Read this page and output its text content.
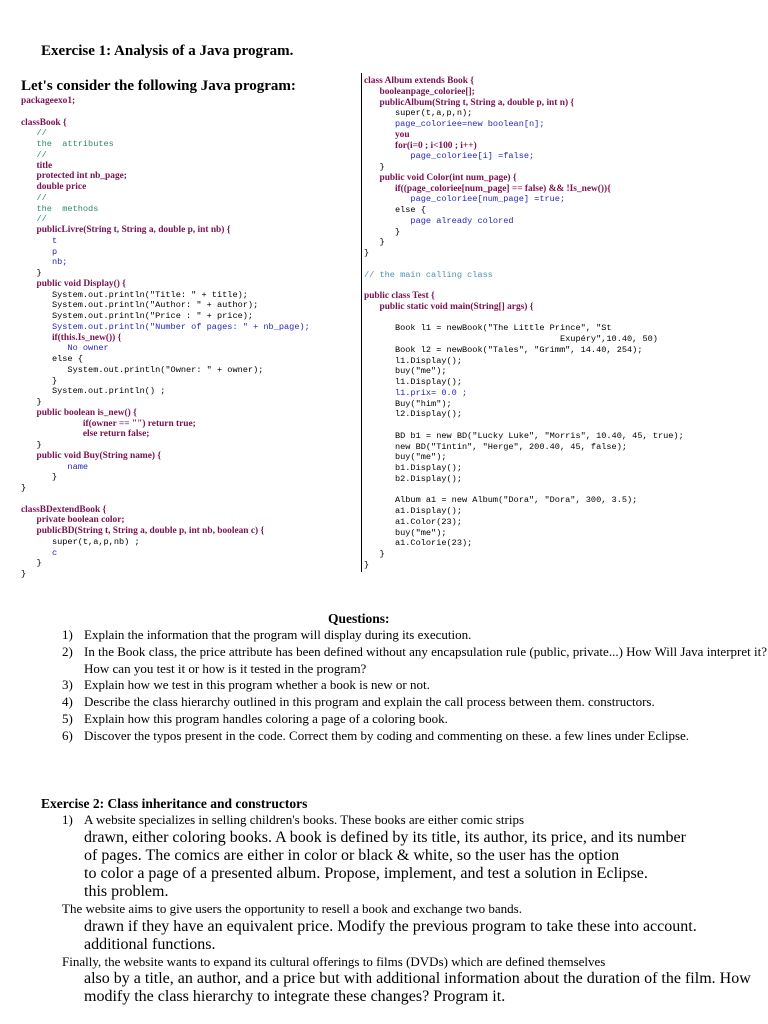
Exercise 1: Analysis of a Java program.
Let's consider the following Java program:
packageexo1;
classBook {
//
the  attributes
//
title
protected int nb_page;
double price
//
the  methods
//
publicLivre(String t, String a, double p, int nb) {
t
p
nb;
}
public void Display() {
System.out.println("Title: " + title);
System.out.println("Author: " + author);
System.out.println("Price : " + price);
System.out.println("Number of pages: " + nb_page);
if(this.Is_new()) {
No owner
else {
System.out.println("Owner: " + owner);
}
System.out.println() ;
}
public boolean is_new() {
if(owner == "") return true;
else return false;
}
public void Buy(String name) {
name
}
}
classBDextendBook {
private boolean color;
publicBD(String t, String a, double p, int nb, boolean c) {
super(t,a,p,nb) ;
c
}
}
class Album extends Book {
booleanpage_coloriee[];
publicAlbum(String t, String a, double p, int n) {
super(t,a,p,n);
page_coloriee=new boolean[n];
you
for(i=0 ; i<100 ; i++)
page_coloriee[i] =false;
}
public void Color(int num_page) {
if((page_coloriee[num_page] == false) && !Is_new()){
page_coloriee[num_page] =true;
else {
page already colored
}
}
}
// the main calling class
public class Test {
public static void main(String[] args) {
Book l1 = newBook("The Little Prince", "St
Exupéry",10.40, 50)
Book l2 = newBook("Tales", "Grimm", 14.40, 254);
l1.Display();
buy("me");
l1.Display();
l1.prix= 0.0 ;
Buy("him");
l2.Display();
BD b1 = new BD("Lucky Luke", "Morris", 10.40, 45, true);
new BD("Tintin", "Herge", 200.40, 45, false);
buy("me");
b1.Display();
b2.Display();
Album a1 = new Album("Dora", "Dora", 300, 3.5);
a1.Display();
a1.Color(23);
buy("me");
a1.Colorie(23);
}
}
Questions:
1) Explain the information that the program will display during its execution.
2) In the Book class, the price attribute has been defined without any encapsulation rule (public, private...) How Will Java interpret it? How can you test it or how is it tested in the program?
3) Explain how we test in this program whether a book is new or not.
4) Describe the class hierarchy outlined in this program and explain the call process between them. constructors.
5) Explain how this program handles coloring a page of a coloring book.
6) Discover the typos present in the code. Correct them by coding and commenting on these. a few lines under Eclipse.
Exercise 2: Class inheritance and constructors
1) A website specializes in selling children's books. These books are either comic strips
drawn, either coloring books. A book is defined by its title, its author, its price, and its number
of pages. The comics are either in color or black & white, so the user has the option
to color a page of a presented album. Propose, implement, and test a solution in Eclipse.
this problem.
The website aims to give users the opportunity to resell a book and exchange two bands.
drawn if they have an equivalent price. Modify the previous program to take these into account.
additional functions.
Finally, the website wants to expand its cultural offerings to films (DVDs) which are defined themselves
also by a title, an author, and a price but with additional information about the duration of the film. How
modify the class hierarchy to integrate these changes? Program it.
